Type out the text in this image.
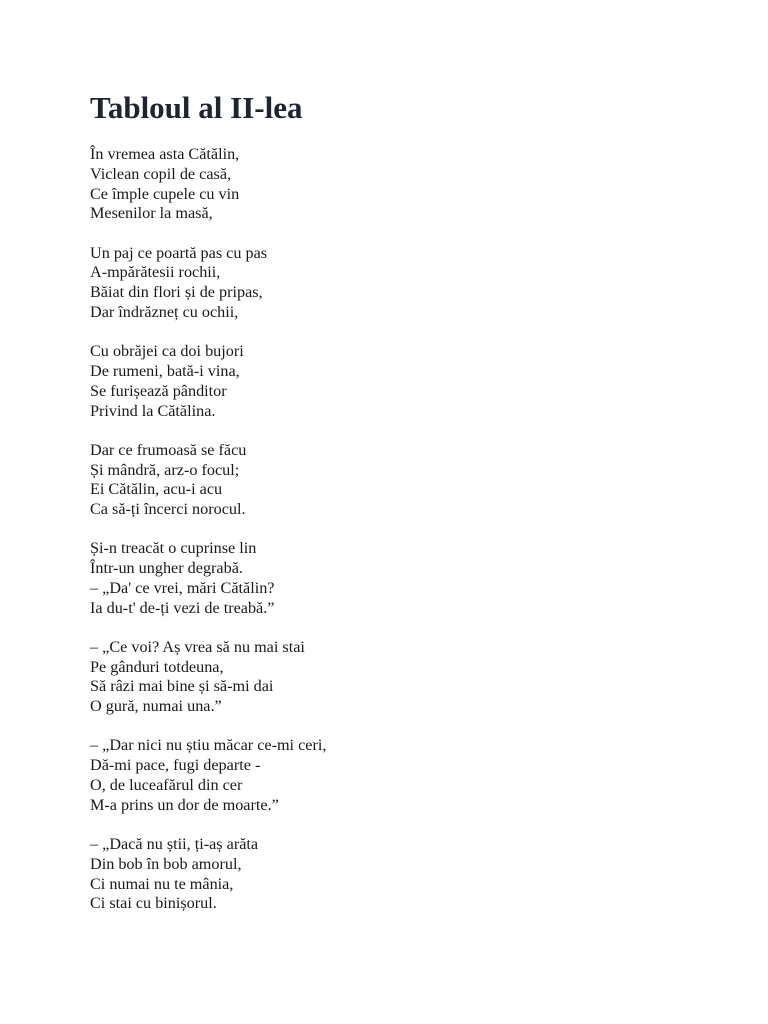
Tabloul al II-lea
În vremea asta Cătălin,
Viclean copil de casă,
Ce împle cupele cu vin
Mesenilor la masă,
Un paj ce poartă pas cu pas
A-mpărătesii rochii,
Băiat din flori și de pripas,
Dar îndrăzneț cu ochii,
Cu obrăjei ca doi bujori
De rumeni, bată-i vina,
Se furișează pânditor
Privind la Cătălina.
Dar ce frumoasă se făcu
Și mândră, arz-o focul;
Ei Cătălin, acu-i acu
Ca să-ți încerci norocul.
Și-n treacăt o cuprinse lin
Într-un ungher degrabă.
– „Da' ce vrei, mări Cătălin?
Ia du-t' de-ți vezi de treabă.”
– „Ce voi? Aș vrea să nu mai stai
Pe gânduri totdeuna,
Să râzi mai bine și să-mi dai
O gură, numai una.”
– „Dar nici nu știu măcar ce-mi ceri,
Dă-mi pace, fugi departe -
O, de luceafărul din cer
M-a prins un dor de moarte.”
– „Dacă nu știi, ți-aș arăta
Din bob în bob amorul,
Ci numai nu te mânia,
Ci stai cu binișorul.
